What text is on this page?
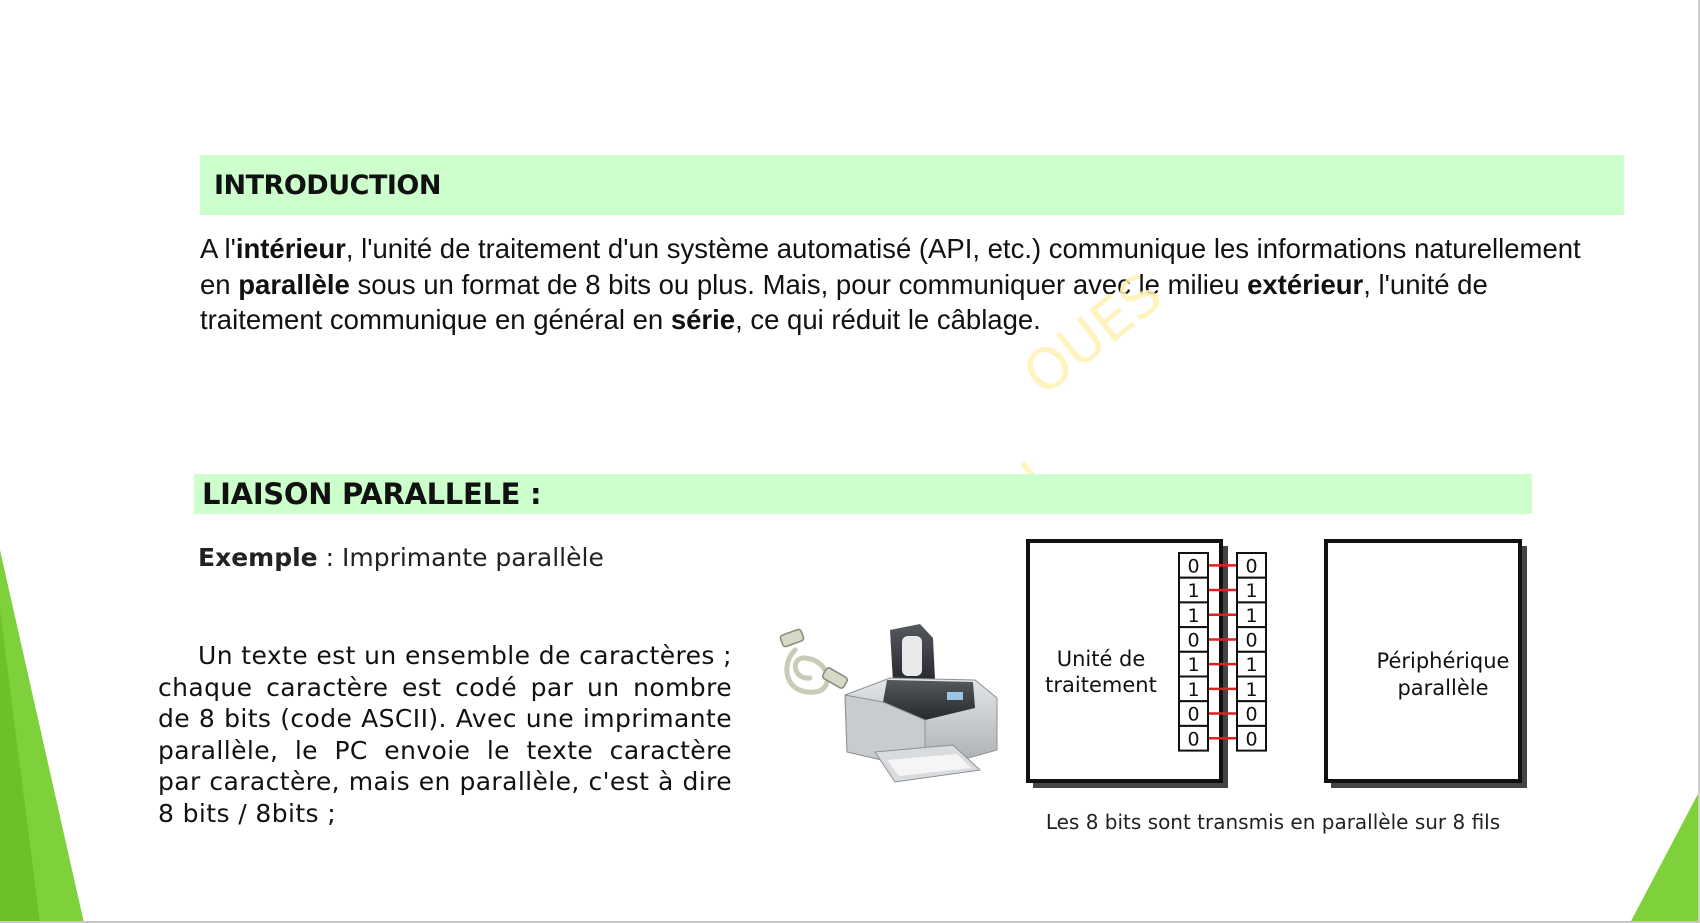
INTRODUCTION

A l'intérieur, l'unité de traitement d'un système automatisé (API, etc.) communique les informations naturellement en parallèle sous un format de 8 bits ou plus. Mais, pour communiquer avec le milieu extérieur, l'unité de traitement communique en général en série, ce qui réduit le câblage.

OUES
LIAISON PARALLELE :
Exemple : Imprimante parallèle

Un texte est un ensemble de caractères ; chaque caractère est codé par un nombre de 8 bits (code ASCII). Avec une imprimante parallèle, le PC envoie le texte caractère par caractère, mais en parallèle, c'est à dire 8 bits / 8bits ;

0
1
1
0
1
1
0
0
0
1
1
0
1
1
0
0
Unité de
traitement
Périphérique
parallèle
Les 8 bits sont transmis en parallèle sur 8 fils
